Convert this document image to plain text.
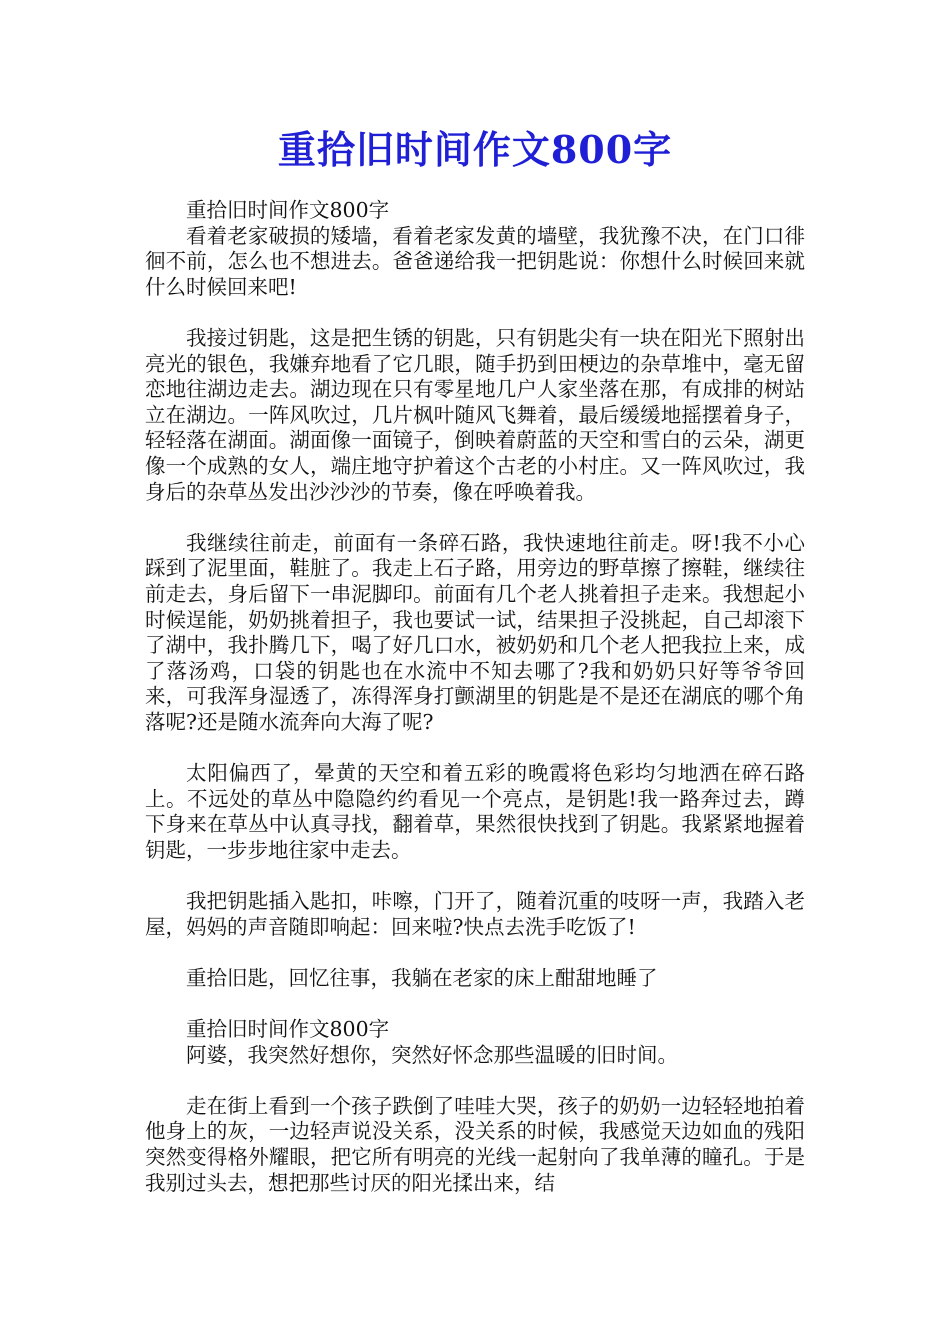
重拾旧时间作文800字

重拾旧时间作文800字

看着老家破损的矮墙，看着老家发黄的墙壁，我犹豫不决，在门口徘徊不前，怎么也不想进去。爸爸递给我一把钥匙说：你想什么时候回来就什么时候回来吧!

我接过钥匙，这是把生锈的钥匙，只有钥匙尖有一块在阳光下照射出亮光的银色，我嫌弃地看了它几眼，随手扔到田梗边的杂草堆中，毫无留恋地往湖边走去。湖边现在只有零星地几户人家坐落在那，有成排的树站立在湖边。一阵风吹过，几片枫叶随风飞舞着，最后缓缓地摇摆着身子，轻轻落在湖面。湖面像一面镜子，倒映着蔚蓝的天空和雪白的云朵，湖更像一个成熟的女人，端庄地守护着这个古老的小村庄。又一阵风吹过，我身后的杂草丛发出沙沙沙的节奏，像在呼唤着我。

我继续往前走，前面有一条碎石路，我快速地往前走。呀!我不小心踩到了泥里面，鞋脏了。我走上石子路，用旁边的野草擦了擦鞋，继续往前走去，身后留下一串泥脚印。前面有几个老人挑着担子走来。我想起小时候逞能，奶奶挑着担子，我也要试一试，结果担子没挑起，自己却滚下了湖中，我扑腾几下，喝了好几口水，被奶奶和几个老人把我拉上来，成了落汤鸡，口袋的钥匙也在水流中不知去哪了?我和奶奶只好等爷爷回来，可我浑身湿透了，冻得浑身打颤湖里的钥匙是不是还在湖底的哪个角落呢?还是随水流奔向大海了呢?

太阳偏西了，晕黄的天空和着五彩的晚霞将色彩均匀地洒在碎石路上。不远处的草丛中隐隐约约看见一个亮点，是钥匙!我一路奔过去，蹲下身来在草丛中认真寻找，翻着草，果然很快找到了钥匙。我紧紧地握着钥匙，一步步地往家中走去。

我把钥匙插入匙扣，咔嚓，门开了，随着沉重的吱呀一声，我踏入老屋，妈妈的声音随即响起：回来啦?快点去洗手吃饭了!

重拾旧匙，回忆往事，我躺在老家的床上酣甜地睡了

重拾旧时间作文800字

阿婆，我突然好想你，突然好怀念那些温暖的旧时间。

走在街上看到一个孩子跌倒了哇哇大哭，孩子的奶奶一边轻轻地拍着他身上的灰，一边轻声说没关系，没关系的时候，我感觉天边如血的残阳突然变得格外耀眼，把它所有明亮的光线一起射向了我单薄的瞳孔。于是我别过头去，想把那些讨厌的阳光揉出来，结
